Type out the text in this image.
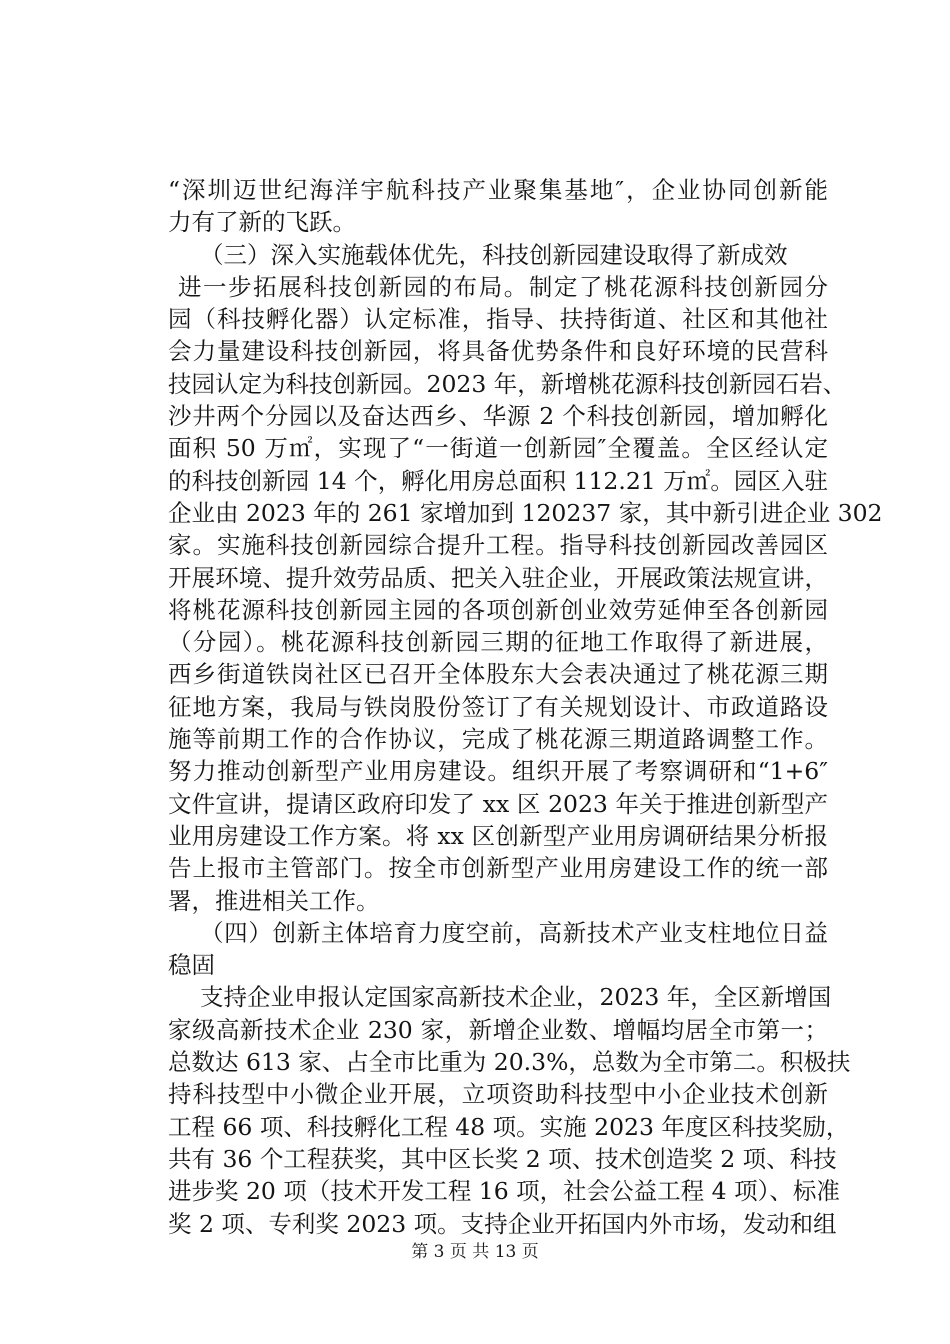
“深圳迈世纪海洋宇航科技产业聚集基地″，企业协同创新能
力有了新的飞跃。
（三）深入实施载体优先，科技创新园建设取得了新成效
进一步拓展科技创新园的布局。制定了桃花源科技创新园分
园（科技孵化器）认定标准，指导、扶持街道、社区和其他社
会力量建设科技创新园，将具备优势条件和良好环境的民营科
技园认定为科技创新园。2023 年，新增桃花源科技创新园石岩、
沙井两个分园以及奋达西乡、华源 2 个科技创新园，增加孵化
面积 50 万㎡，实现了“一街道一创新园″全覆盖。全区经认定
的科技创新园 14 个，孵化用房总面积 112.21 万㎡。园区入驻
企业由 2023 年的 261 家增加到 120237 家，其中新引进企业 302
家。实施科技创新园综合提升工程。指导科技创新园改善园区
开展环境、提升效劳品质、把关入驻企业，开展政策法规宣讲，
将桃花源科技创新园主园的各项创新创业效劳延伸至各创新园
（分园）。桃花源科技创新园三期的征地工作取得了新进展，
西乡街道铁岗社区已召开全体股东大会表决通过了桃花源三期
征地方案，我局与铁岗股份签订了有关规划设计、市政道路设
施等前期工作的合作协议，完成了桃花源三期道路调整工作。
努力推动创新型产业用房建设。组织开展了考察调研和“1+6″
文件宣讲，提请区政府印发了 xx 区 2023 年关于推进创新型产
业用房建设工作方案。将 xx 区创新型产业用房调研结果分析报
告上报市主管部门。按全市创新型产业用房建设工作的统一部
署，推进相关工作。
（四）创新主体培育力度空前，高新技术产业支柱地位日益
稳固
支持企业申报认定国家高新技术企业，2023 年，全区新增国
家级高新技术企业 230 家，新增企业数、增幅均居全市第一；
总数达 613 家、占全市比重为 20.3%，总数为全市第二。积极扶
持科技型中小微企业开展，立项资助科技型中小企业技术创新
工程 66 项、科技孵化工程 48 项。实施 2023 年度区科技奖励，
共有 36 个工程获奖，其中区长奖 2 项、技术创造奖 2 项、科技
进步奖 20 项（技术开发工程 16 项，社会公益工程 4 项）、标准
奖 2 项、专利奖 2023 项。支持企业开拓国内外市场，发动和组
第 3 页 共 13 页
